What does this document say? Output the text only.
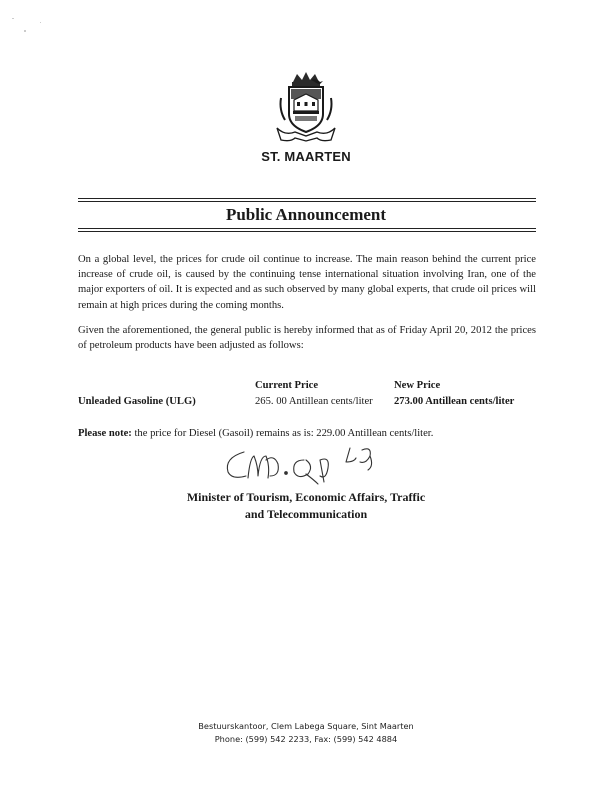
ST. MAARTEN
Public Announcement

On a global level, the prices for crude oil continue to increase. The main reason behind the current price increase of crude oil, is caused by the continuing tense international situation involving Iran, one of the major exporters of oil. It is expected and as such observed by many global experts, that crude oil prices will remain at high prices during the coming months.

Given the aforementioned, the general public is hereby informed that as of Friday April 20, 2012 the prices of petroleum products have been adjusted as follows:

Current Price	New Price
Unleaded Gasoline (ULG)	265. 00 Antillean cents/liter 273.00 Antillean cents/liter
Please note: the price for Diesel (Gasoil) remains as is: 229.00 Antillean cents/liter.
Minister of Tourism, Economic Affairs, Traffic
and Telecommunication
Bestuurskantoor, Clem Labega Square, Sint Maarten
Phone: (599) 542 2233, Fax: (599) 542 4884
